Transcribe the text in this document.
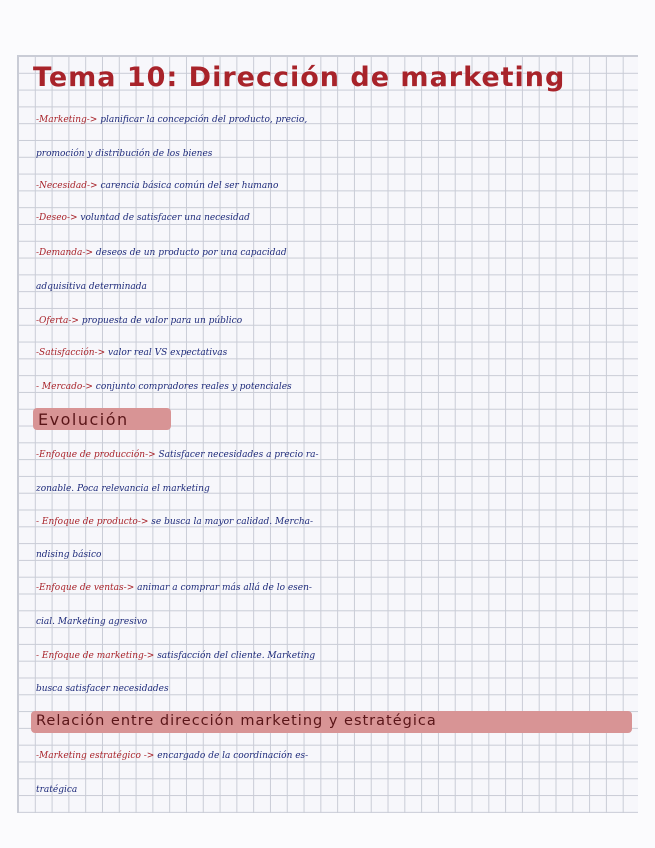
Tema 10: Dirección de marketing
-Marketing-> planificar la concepción del producto, precio,
promoción y distribución de los bienes
-Necesidad-> carencia básica común del ser humano
-Deseo-> voluntad de satisfacer una necesidad
-Demanda-> deseos de un producto por una capacidad
adquisitiva determinada
-Oferta-> propuesta de valor para un público
-Satisfacción-> valor real VS expectativas
- Mercado-> conjunto compradores reales y potenciales
Evolución
-Enfoque de producción-> Satisfacer necesidades a precio ra-
zonable. Poca relevancia el marketing
- Enfoque de producto-> se busca la mayor calidad. Mercha-
ndising básico
-Enfoque de ventas-> animar a comprar más allá de lo esen-
cial. Marketing agresivo
- Enfoque de marketing-> satisfacción del cliente. Marketing
busca satisfacer necesidades
Relación entre dirección marketing y estratégica
-Marketing estratégico -> encargado de la coordinación es-
tratégica
